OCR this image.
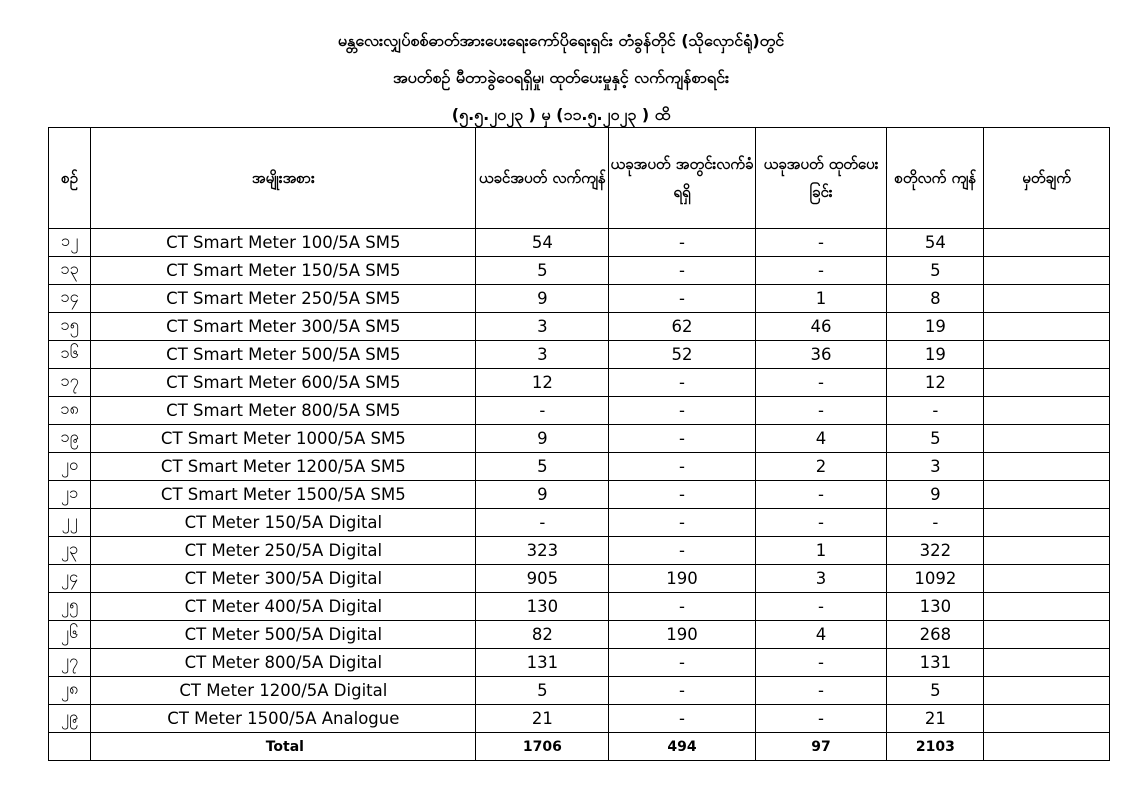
မန္တလေးလျှပ်စစ်ဓာတ်အားပေးရေးကော်ပိုရေးရှင်း တံခွန်တိုင် (သိုလှောင်ရုံ)တွင်
အပတ်စဉ် မီတာခွဲဝေရရှိမှု၊ ထုတ်ပေးမှုနှင့် လက်ကျန်စာရင်း
(၅.၅.၂၀၂၃ ) မှ (၁၁.၅.၂၀၂၃ ) ထိ
စဉ်	အမျိုးအစား	ယခင်အပတ် လက်ကျန်	ယခုအပတ် အတွင်းလက်ခံ ရရှိ	ယခုအပတ် ထုတ်ပေးခြင်း	စတိုလက် ကျန်	မှတ်ချက်
၁၂	CT Smart Meter 100/5A SM5	54	-	-	54	
၁၃	CT Smart Meter 150/5A SM5	5	-	-	5	
၁၄	CT Smart Meter 250/5A SM5	9	-	1	8	
၁၅	CT Smart Meter 300/5A SM5	3	62	46	19	
၁၆	CT Smart Meter 500/5A SM5	3	52	36	19	
၁၇	CT Smart Meter 600/5A SM5	12	-	-	12	
၁၈	CT Smart Meter 800/5A SM5	-	-	-	-	
၁၉	CT Smart Meter 1000/5A SM5	9	-	4	5	
၂၀	CT Smart Meter 1200/5A SM5	5	-	2	3	
၂၁	CT Smart Meter 1500/5A SM5	9	-	-	9	
၂၂	CT Meter 150/5A Digital	-	-	-	-	
၂၃	CT Meter 250/5A Digital	323	-	1	322	
၂၄	CT Meter 300/5A Digital	905	190	3	1092	
၂၅	CT Meter 400/5A Digital	130	-	-	130	
၂၆	CT Meter 500/5A Digital	82	190	4	268	
၂၇	CT Meter 800/5A Digital	131	-	-	131	
၂၈	CT Meter 1200/5A Digital	5	-	-	5	
၂၉	CT Meter 1500/5A Analogue	21	-	-	21	
	Total	1706	494	97	2103	
